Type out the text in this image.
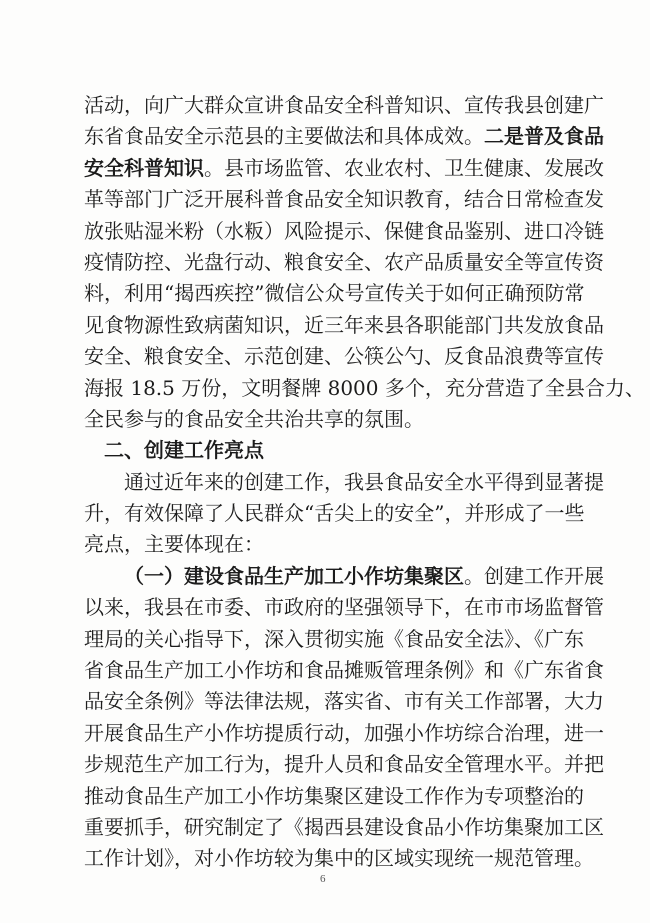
活动，向广大群众宣讲食品安全科普知识、宣传我县创建广
东省食品安全示范县的主要做法和具体成效。二是普及食品
安全科普知识。县市场监管、农业农村、卫生健康、发展改
革等部门广泛开展科普食品安全知识教育，结合日常检查发
放张贴湿米粉（水粄）风险提示、保健食品鉴别、进口冷链
疫情防控、光盘行动、粮食安全、农产品质量安全等宣传资
料，利用“揭西疾控”微信公众号宣传关于如何正确预防常
见食物源性致病菌知识，近三年来县各职能部门共发放食品
安全、粮食安全、示范创建、公筷公勺、反食品浪费等宣传
海报 18.5 万份，文明餐牌 8000 多个，充分营造了全县合力、
全民参与的食品安全共治共享的氛围。
二、创建工作亮点
通过近年来的创建工作，我县食品安全水平得到显著提
升，有效保障了人民群众“舌尖上的安全”，并形成了一些
亮点，主要体现在：
（一）建设食品生产加工小作坊集聚区。创建工作开展
以来，我县在市委、市政府的坚强领导下，在市市场监督管
理局的关心指导下，深入贯彻实施《食品安全法》、《广东
省食品生产加工小作坊和食品摊贩管理条例》和《广东省食
品安全条例》等法律法规，落实省、市有关工作部署，大力
开展食品生产小作坊提质行动，加强小作坊综合治理，进一
步规范生产加工行为，提升人员和食品安全管理水平。并把
推动食品生产加工小作坊集聚区建设工作作为专项整治的
重要抓手，研究制定了《揭西县建设食品小作坊集聚加工区
工作计划》，对小作坊较为集中的区域实现统一规范管理。
6
